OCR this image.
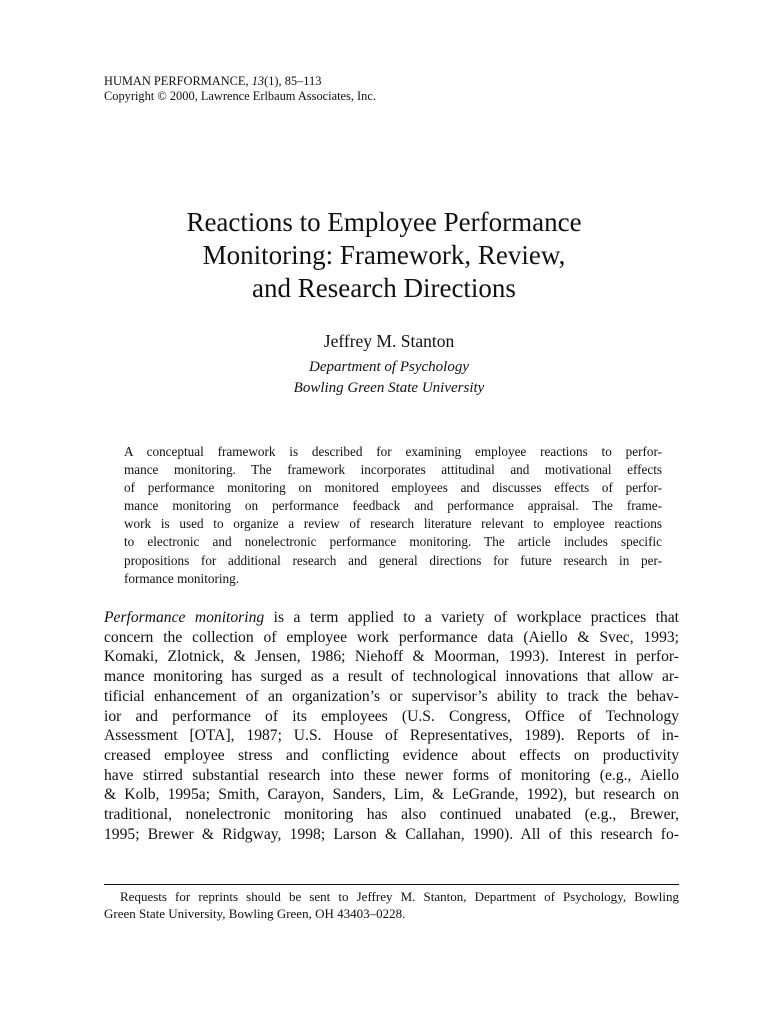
HUMAN PERFORMANCE, 13(1), 85–113
Copyright © 2000, Lawrence Erlbaum Associates, Inc.
Reactions to Employee Performance
Monitoring: Framework, Review,
and Research Directions
Jeffrey M. Stanton
Department of Psychology
Bowling Green State University
A conceptual framework is described for examining employee reactions to perfor-
mance monitoring. The framework incorporates attitudinal and motivational effects
of performance monitoring on monitored employees and discusses effects of perfor-
mance monitoring on performance feedback and performance appraisal. The frame-
work is used to organize a review of research literature relevant to employee reactions
to electronic and nonelectronic performance monitoring. The article includes specific
propositions for additional research and general directions for future research in per-
formance monitoring.
Performance monitoring is a term applied to a variety of workplace practices that
concern the collection of employee work performance data (Aiello & Svec, 1993;
Komaki, Zlotnick, & Jensen, 1986; Niehoff & Moorman, 1993). Interest in perfor-
mance monitoring has surged as a result of technological innovations that allow ar-
tificial enhancement of an organization’s or supervisor’s ability to track the behav-
ior and performance of its employees (U.S. Congress, Office of Technology
Assessment [OTA], 1987; U.S. House of Representatives, 1989). Reports of in-
creased employee stress and conflicting evidence about effects on productivity
have stirred substantial research into these newer forms of monitoring (e.g., Aiello
& Kolb, 1995a; Smith, Carayon, Sanders, Lim, & LeGrande, 1992), but research on
traditional, nonelectronic monitoring has also continued unabated (e.g., Brewer,
1995; Brewer & Ridgway, 1998; Larson & Callahan, 1990). All of this research fo-
Requests for reprints should be sent to Jeffrey M. Stanton, Department of Psychology, Bowling
Green State University, Bowling Green, OH 43403–0228.
